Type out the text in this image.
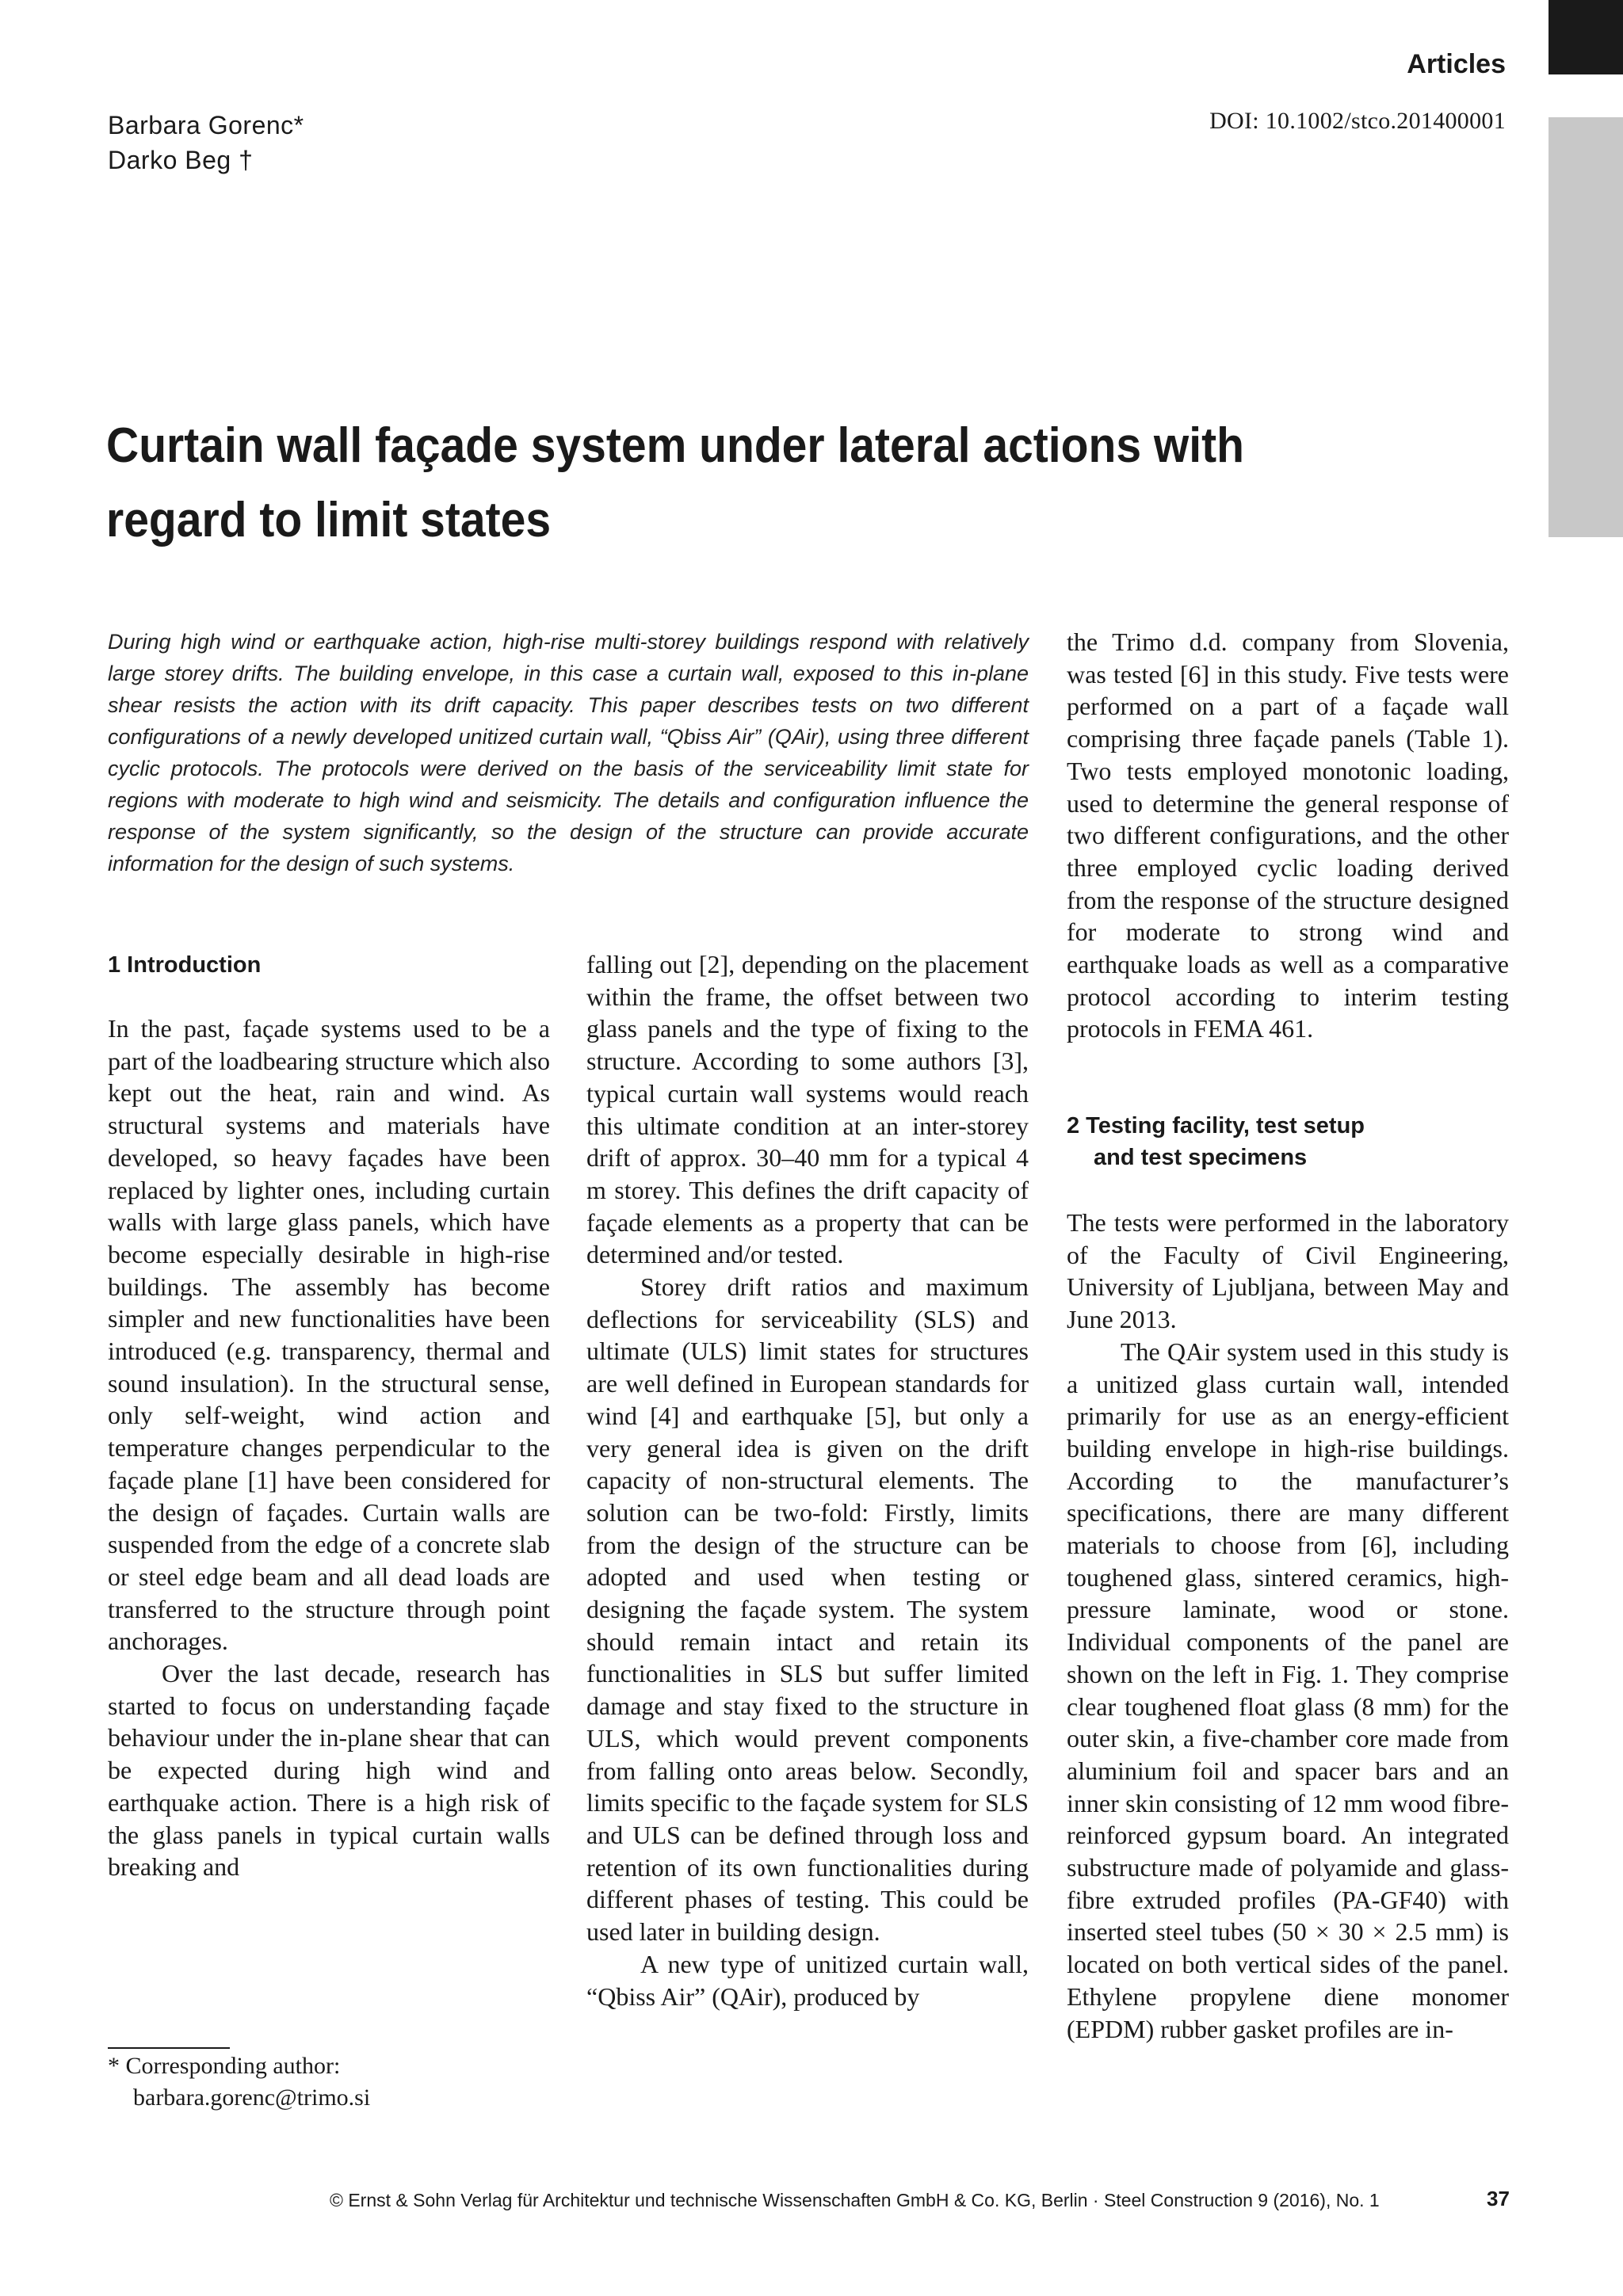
Articles
DOI: 10.1002/stco.201400001
Barbara Gorenc*
Darko Beg †
Curtain wall façade system under lateral actions with regard to limit states
During high wind or earthquake action, high-rise multi-storey buildings respond with relatively large storey drifts. The building envelope, in this case a curtain wall, exposed to this in-plane shear resists the action with its drift capacity. This paper describes tests on two different configurations of a newly developed unitized curtain wall, “Qbiss Air” (QAir), using three different cyclic protocols. The protocols were derived on the basis of the serviceability limit state for regions with moderate to high wind and seismicity. The details and configuration influence the response of the system significantly, so the design of the structure can provide accurate information for the design of such systems.
1 Introduction

In the past, façade systems used to be a part of the loadbearing structure which also kept out the heat, rain and wind. As structural systems and materials have developed, so heavy façades have been replaced by lighter ones, including curtain walls with large glass panels, which have become especially desirable in high-rise buildings. The assembly has become simpler and new functionalities have been introduced (e.g. transparency, thermal and sound insulation). In the structural sense, only self-weight, wind action and temperature changes perpendicular to the façade plane [1] have been considered for the design of façades. Curtain walls are suspended from the edge of a concrete slab or steel edge beam and all dead loads are transferred to the structure through point anchorages.

Over the last decade, research has started to focus on understanding façade behaviour under the in-plane shear that can be expected during high wind and earthquake action. There is a high risk of the glass panels in typical curtain walls breaking and

falling out [2], depending on the placement within the frame, the offset between two glass panels and the type of fixing to the structure. According to some authors [3], typical curtain wall systems would reach this ultimate condition at an inter-storey drift of approx. 30–40 mm for a typical 4 m storey. This defines the drift capacity of façade elements as a property that can be determined and/or tested.

Storey drift ratios and maximum deflections for serviceability (SLS) and ultimate (ULS) limit states for structures are well defined in European standards for wind [4] and earthquake [5], but only a very general idea is given on the drift capacity of non-structural elements. The solution can be two-fold: Firstly, limits from the design of the structure can be adopted and used when testing or designing the façade system. The system should remain intact and retain its functionalities in SLS but suffer limited damage and stay fixed to the structure in ULS, which would prevent components from falling onto areas below. Secondly, limits specific to the façade system for SLS and ULS can be defined through loss and retention of its own functionalities during different phases of testing. This could be used later in building design.

A new type of unitized curtain wall, “Qbiss Air” (QAir), produced by

the Trimo d.d. company from Slovenia, was tested [6] in this study. Five tests were performed on a part of a façade wall comprising three façade panels (Table 1). Two tests employed monotonic loading, used to determine the general response of two different configurations, and the other three employed cyclic loading derived from the response of the structure designed for moderate to strong wind and earthquake loads as well as a comparative protocol according to interim testing protocols in FEMA 461.

2 Testing facility, test setup
and test specimens

The tests were performed in the laboratory of the Faculty of Civil Engineering, University of Ljubljana, between May and June 2013.

The QAir system used in this study is a unitized glass curtain wall, intended primarily for use as an energy-efficient building envelope in high-rise buildings. According to the manufacturer’s specifications, there are many different materials to choose from [6], including toughened glass, sintered ceramics, high-pressure laminate, wood or stone. Individual components of the panel are shown on the left in Fig. 1. They comprise clear toughened float glass (8 mm) for the outer skin, a five-chamber core made from aluminium foil and spacer bars and an inner skin consisting of 12 mm wood fibre-reinforced gypsum board. An integrated substructure made of polyamide and glass-fibre extruded profiles (PA-GF40) with inserted steel tubes (50 × 30 × 2.5 mm) is located on both vertical sides of the panel. Ethylene propylene diene monomer (EPDM) rubber gasket profiles are in-

* Corresponding author:
barbara.gorenc@trimo.si
© Ernst & Sohn Verlag für Architektur und technische Wissenschaften GmbH & Co. KG, Berlin · Steel Construction 9 (2016), No. 1	37
